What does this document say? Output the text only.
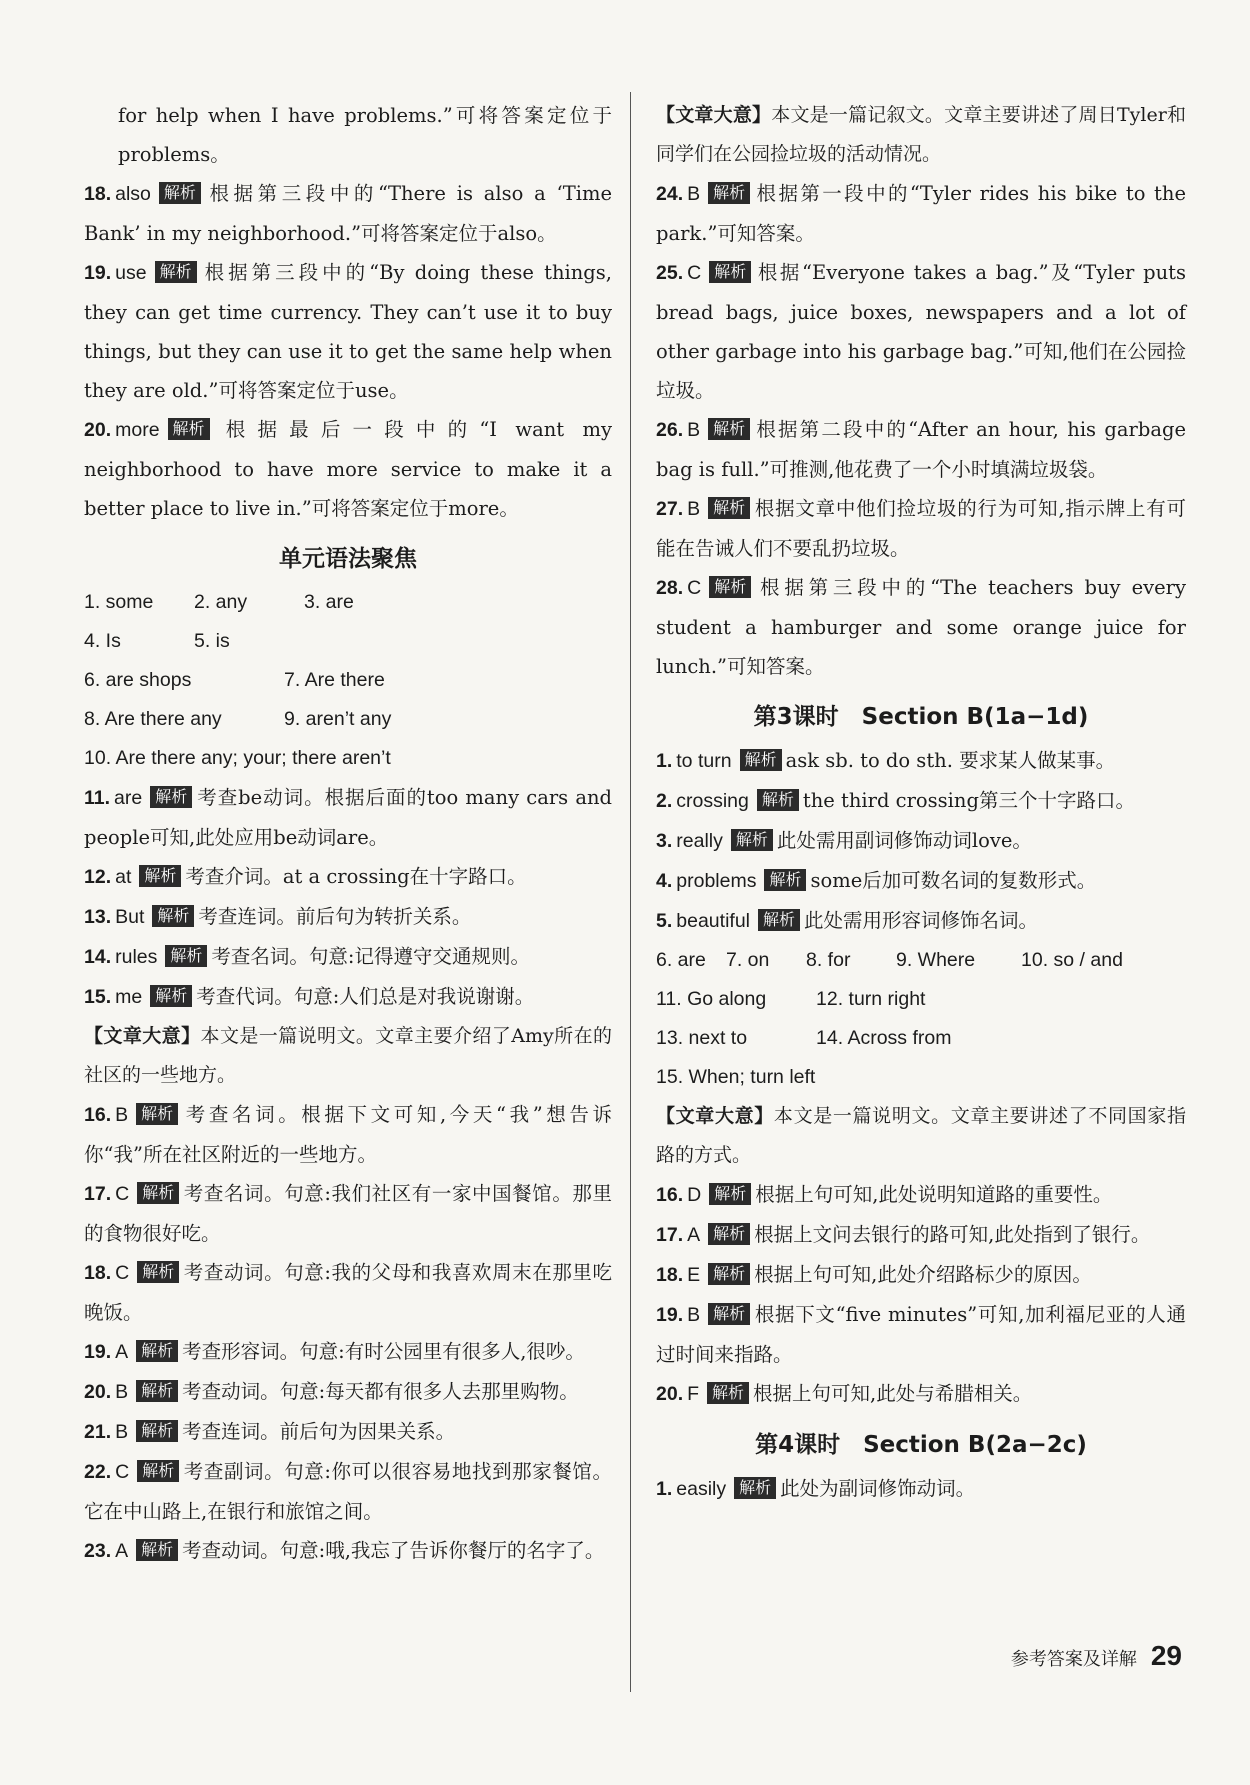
for help when I have problems.”可将答案定位于problems。
18. also 解析 根据第三段中的“There is also a ‘Time Bank’ in my neighborhood.”可将答案定位于also。
19. use 解析 根据第三段中的“By doing these things, they can get time currency. They can’t use it to buy things, but they can use it to get the same help when they are old.”可将答案定位于use。
20. more 解析 根据最后一段中的“I want my neighborhood to have more service to make it a better place to live in.”可将答案定位于more。
单元语法聚焦
1. some	2. any	3. are
4. Is	5. is
6. are shops	7. Are there
8. Are there any	9. aren’t any
10. Are there any; your; there aren’t
11. are 解析 考查be动词。根据后面的too many cars and people可知,此处应用be动词are。
12. at 解析 考查介词。at a crossing在十字路口。
13. But 解析 考查连词。前后句为转折关系。
14. rules 解析 考查名词。句意:记得遵守交通规则。
15. me 解析 考查代词。句意:人们总是对我说谢谢。
【文章大意】本文是一篇说明文。文章主要介绍了Amy所在的社区的一些地方。
16. B 解析 考查名词。根据下文可知,今天“我”想告诉你“我”所在社区附近的一些地方。
17. C 解析 考查名词。句意:我们社区有一家中国餐馆。那里的食物很好吃。
18. C 解析 考查动词。句意:我的父母和我喜欢周末在那里吃晚饭。
19. A 解析 考查形容词。句意:有时公园里有很多人,很吵。
20. B 解析 考查动词。句意:每天都有很多人去那里购物。
21. B 解析 考查连词。前后句为因果关系。
22. C 解析 考查副词。句意:你可以很容易地找到那家餐馆。它在中山路上,在银行和旅馆之间。
23. A 解析 考查动词。句意:哦,我忘了告诉你餐厅的名字了。
【文章大意】本文是一篇记叙文。文章主要讲述了周日Tyler和同学们在公园捡垃圾的活动情况。
24. B 解析 根据第一段中的“Tyler rides his bike to the park.”可知答案。
25. C 解析 根据“Everyone takes a bag.”及“Tyler puts bread bags, juice boxes, newspapers and a lot of other garbage into his garbage bag.”可知,他们在公园捡垃圾。
26. B 解析 根据第二段中的“After an hour, his garbage bag is full.”可推测,他花费了一个小时填满垃圾袋。
27. B 解析 根据文章中他们捡垃圾的行为可知,指示牌上有可能在告诫人们不要乱扔垃圾。
28. C 解析 根据第三段中的“The teachers buy every student a hamburger and some orange juice for lunch.”可知答案。
第3课时　Section B(1a−1d)
1. to turn 解析 ask sb. to do sth. 要求某人做某事。
2. crossing 解析 the third crossing第三个十字路口。
3. really 解析 此处需用副词修饰动词love。
4. problems 解析 some后加可数名词的复数形式。
5. beautiful 解析 此处需用形容词修饰名词。
6. are	7. on	8. for	9. Where	10. so / and
11. Go along	12. turn right
13. next to	14. Across from
15. When; turn left
【文章大意】本文是一篇说明文。文章主要讲述了不同国家指路的方式。
16. D 解析 根据上句可知,此处说明知道路的重要性。
17. A 解析 根据上文问去银行的路可知,此处指到了银行。
18. E 解析 根据上句可知,此处介绍路标少的原因。
19. B 解析 根据下文“five minutes”可知,加利福尼亚的人通过时间来指路。
20. F 解析 根据上句可知,此处与希腊相关。
第4课时　Section B(2a−2c)
1. easily 解析 此处为副词修饰动词。
参考答案及详解 29
